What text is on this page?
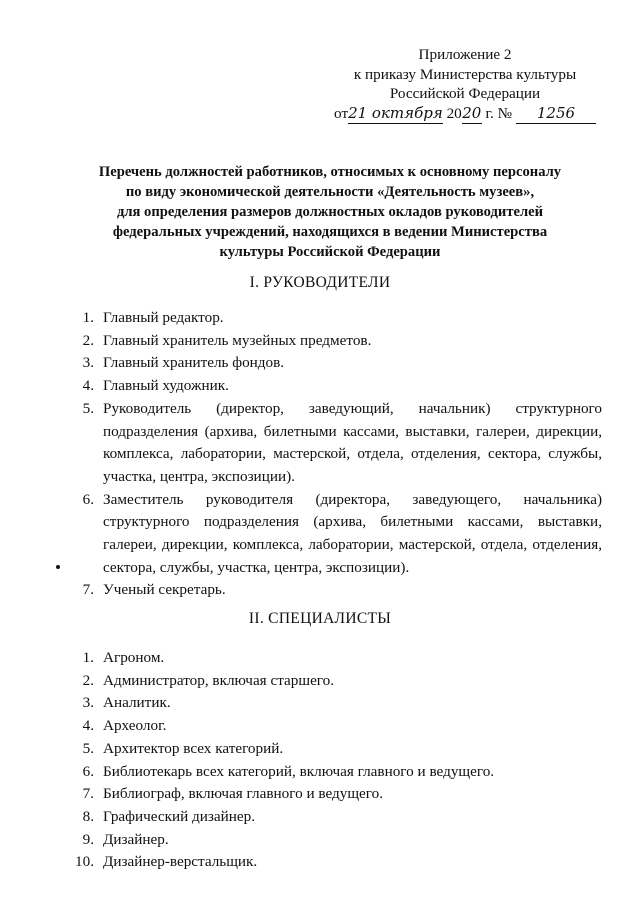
Приложение 2
к приказу Министерства культуры
Российской Федерации
от21 октября 2020 г. № 1256
Перечень должностей работников, относимых к основному персоналу
по виду экономической деятельности «Деятельность музеев»,
для определения размеров должностных окладов руководителей
федеральных учреждений, находящихся в ведении Министерства
культуры Российской Федерации
I. РУКОВОДИТЕЛИ
1. Главный редактор.
2. Главный хранитель музейных предметов.
3. Главный хранитель фондов.
4. Главный художник.
5. Руководитель (директор, заведующий, начальник) структурного подразделения (архива, билетными кассами, выставки, галереи, дирекции, комплекса, лаборатории, мастерской, отдела, отделения, сектора, службы, участка, центра, экспозиции).
6. Заместитель руководителя (директора, заведующего, начальника) структурного подразделения (архива, билетными кассами, выставки, галереи, дирекции, комплекса, лаборатории, мастерской, отдела, отделения, сектора, службы, участка, центра, экспозиции).
7. Ученый секретарь.
II. СПЕЦИАЛИСТЫ
1. Агроном.
2. Администратор, включая старшего.
3. Аналитик.
4. Археолог.
5. Архитектор всех категорий.
6. Библиотекарь всех категорий, включая главного и ведущего.
7. Библиограф, включая главного и ведущего.
8. Графический дизайнер.
9. Дизайнер.
10. Дизайнер-верстальщик.
